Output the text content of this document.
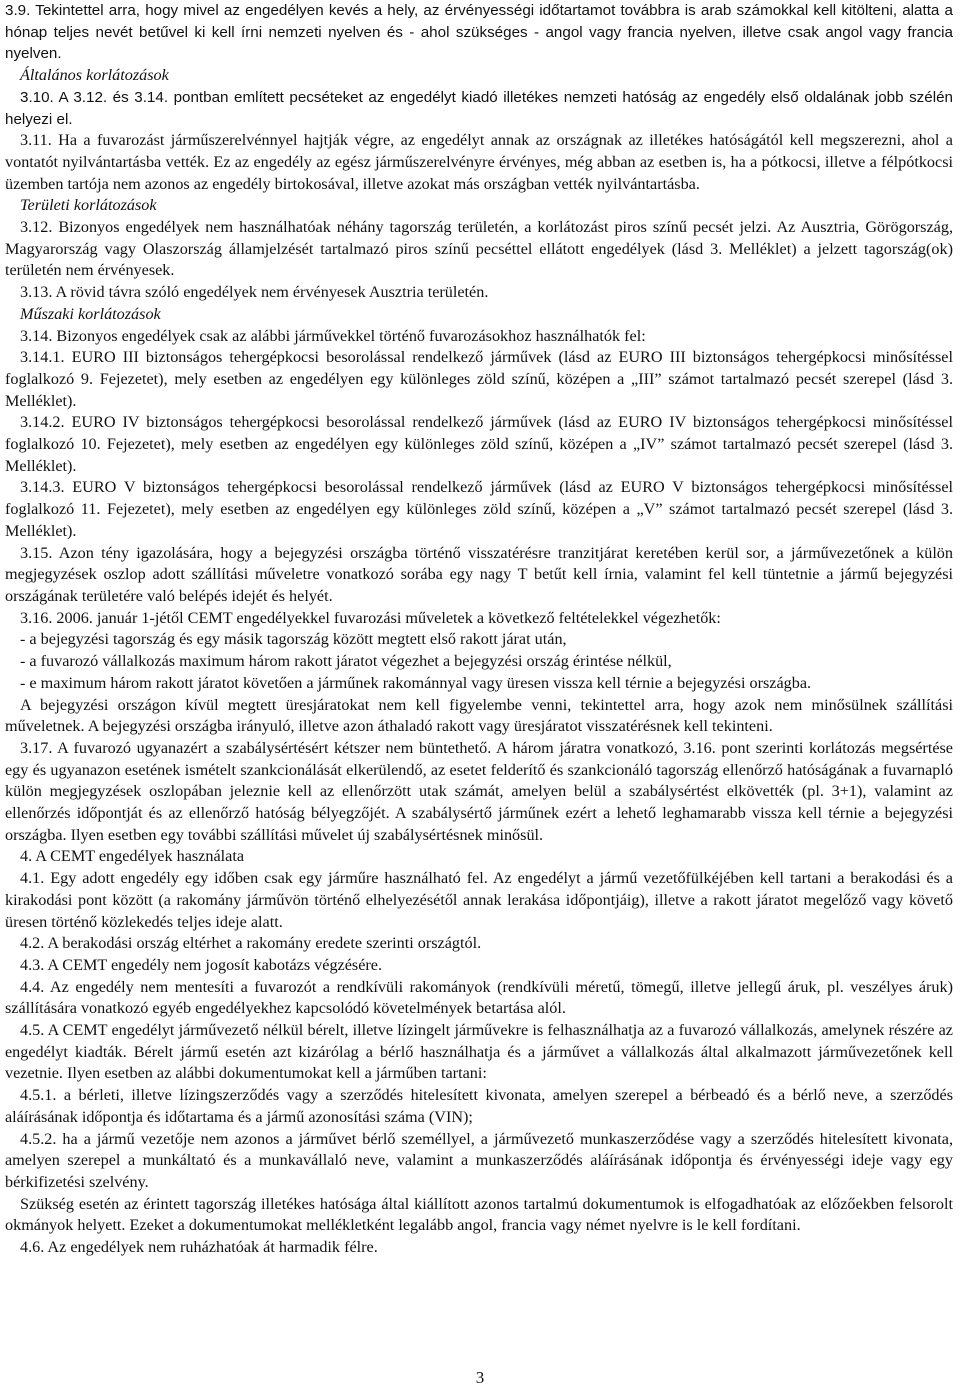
3.9. Tekintettel arra, hogy mivel az engedélyen kevés a hely, az érvényességi időtartamot továbbra is arab számokkal kell kitölteni, alatta a hónap teljes nevét betűvel ki kell írni nemzeti nyelven és - ahol szükséges - angol vagy francia nyelven, illetve csak angol vagy francia nyelven.

Általános korlátozások

3.10. A 3.12. és 3.14. pontban említett pecséteket az engedélyt kiadó illetékes nemzeti hatóság az engedély első oldalának jobb szélén helyezi el.

3.11. Ha a fuvarozást járműszerelvénnyel hajtják végre, az engedélyt annak az országnak az illetékes hatóságától kell megszerezni, ahol a vontatót nyilvántartásba vették. Ez az engedély az egész járműszerelvényre érvényes, még abban az esetben is, ha a pótkocsi, illetve a félpótkocsi üzemben tartója nem azonos az engedély birtokosával, illetve azokat más országban vették nyilvántartásba.

Területi korlátozások

3.12. Bizonyos engedélyek nem használhatóak néhány tagország területén, a korlátozást piros színű pecsét jelzi. Az Ausztria, Görögország, Magyarország vagy Olaszország államjelzését tartalmazó piros színű pecséttel ellátott engedélyek (lásd 3. Melléklet) a jelzett tagország(ok) területén nem érvényesek.

3.13. A rövid távra szóló engedélyek nem érvényesek Ausztria területén.

Műszaki korlátozások

3.14. Bizonyos engedélyek csak az alábbi járművekkel történő fuvarozásokhoz használhatók fel:

3.14.1. EURO III biztonságos tehergépkocsi besorolással rendelkező járművek (lásd az EURO III biztonságos tehergépkocsi minősítéssel foglalkozó 9. Fejezetet), mely esetben az engedélyen egy különleges zöld színű, középen a „III” számot tartalmazó pecsét szerepel (lásd 3. Melléklet).

3.14.2. EURO IV biztonságos tehergépkocsi besorolással rendelkező járművek (lásd az EURO IV biztonságos tehergépkocsi minősítéssel foglalkozó 10. Fejezetet), mely esetben az engedélyen egy különleges zöld színű, középen a „IV” számot tartalmazó pecsét szerepel (lásd 3. Melléklet).

3.14.3. EURO V biztonságos tehergépkocsi besorolással rendelkező járművek (lásd az EURO V biztonságos tehergépkocsi minősítéssel foglalkozó 11. Fejezetet), mely esetben az engedélyen egy különleges zöld színű, középen a „V” számot tartalmazó pecsét szerepel (lásd 3. Melléklet).

3.15. Azon tény igazolására, hogy a bejegyzési országba történő visszatérésre tranzitjárat keretében kerül sor, a járművezetőnek a külön megjegyzések oszlop adott szállítási műveletre vonatkozó sorába egy nagy T betűt kell írnia, valamint fel kell tüntetnie a jármű bejegyzési országának területére való belépés idejét és helyét.

3.16. 2006. január 1-jétől CEMT engedélyekkel fuvarozási műveletek a következő feltételekkel végezhetők:

- a bejegyzési tagország és egy másik tagország között megtett első rakott járat után,

- a fuvarozó vállalkozás maximum három rakott járatot végezhet a bejegyzési ország érintése nélkül,

- e maximum három rakott járatot követően a járműnek rakománnyal vagy üresen vissza kell térnie a bejegyzési országba.

A bejegyzési országon kívül megtett üresjáratokat nem kell figyelembe venni, tekintettel arra, hogy azok nem minősülnek szállítási műveletnek. A bejegyzési országba irányuló, illetve azon áthaladó rakott vagy üresjáratot visszatérésnek kell tekinteni.

3.17. A fuvarozó ugyanazért a szabálysértésért kétszer nem büntethető. A három járatra vonatkozó, 3.16. pont szerinti korlátozás megsértése egy és ugyanazon esetének ismételt szankcionálását elkerülendő, az esetet felderítő és szankcionáló tagország ellenőrző hatóságának a fuvarnapló külön megjegyzések oszlopában jeleznie kell az ellenőrzött utak számát, amelyen belül a szabálysértést elkövették (pl. 3+1), valamint az ellenőrzés időpontját és az ellenőrző hatóság bélyegzőjét. A szabálysértő járműnek ezért a lehető leghamarabb vissza kell térnie a bejegyzési országba. Ilyen esetben egy további szállítási művelet új szabálysértésnek minősül.

4. A CEMT engedélyek használata

4.1. Egy adott engedély egy időben csak egy járműre használható fel. Az engedélyt a jármű vezetőfülkéjében kell tartani a berakodási és a kirakodási pont között (a rakomány járművön történő elhelyezésétől annak lerakása időpontjáig), illetve a rakott járatot megelőző vagy követő üresen történő közlekedés teljes ideje alatt.

4.2. A berakodási ország eltérhet a rakomány eredete szerinti országtól.

4.3. A CEMT engedély nem jogosít kabotázs végzésére.

4.4. Az engedély nem mentesíti a fuvarozót a rendkívüli rakományok (rendkívüli méretű, tömegű, illetve jellegű áruk, pl. veszélyes áruk) szállítására vonatkozó egyéb engedélyekhez kapcsolódó követelmények betartása alól.

4.5. A CEMT engedélyt járművezető nélkül bérelt, illetve lízingelt járművekre is felhasználhatja az a fuvarozó vállalkozás, amelynek részére az engedélyt kiadták. Bérelt jármű esetén azt kizárólag a bérlő használhatja és a járművet a vállalkozás által alkalmazott járművezetőnek kell vezetnie. Ilyen esetben az alábbi dokumentumokat kell a járműben tartani:

4.5.1. a bérleti, illetve lízingszerződés vagy a szerződés hitelesített kivonata, amelyen szerepel a bérbeadó és a bérlő neve, a szerződés aláírásának időpontja és időtartama és a jármű azonosítási száma (VIN);

4.5.2. ha a jármű vezetője nem azonos a járművet bérlő személlyel, a járművezető munkaszerződése vagy a szerződés hitelesített kivonata, amelyen szerepel a munkáltató és a munkavállaló neve, valamint a munkaszerződés aláírásának időpontja és érvényességi ideje vagy egy bérkifizetési szelvény.

Szükség esetén az érintett tagország illetékes hatósága által kiállított azonos tartalmú dokumentumok is elfogadhatóak az előzőekben felsorolt okmányok helyett. Ezeket a dokumentumokat mellékletként legalább angol, francia vagy német nyelvre is le kell fordítani.

4.6. Az engedélyek nem ruházhatóak át harmadik félre.

3
